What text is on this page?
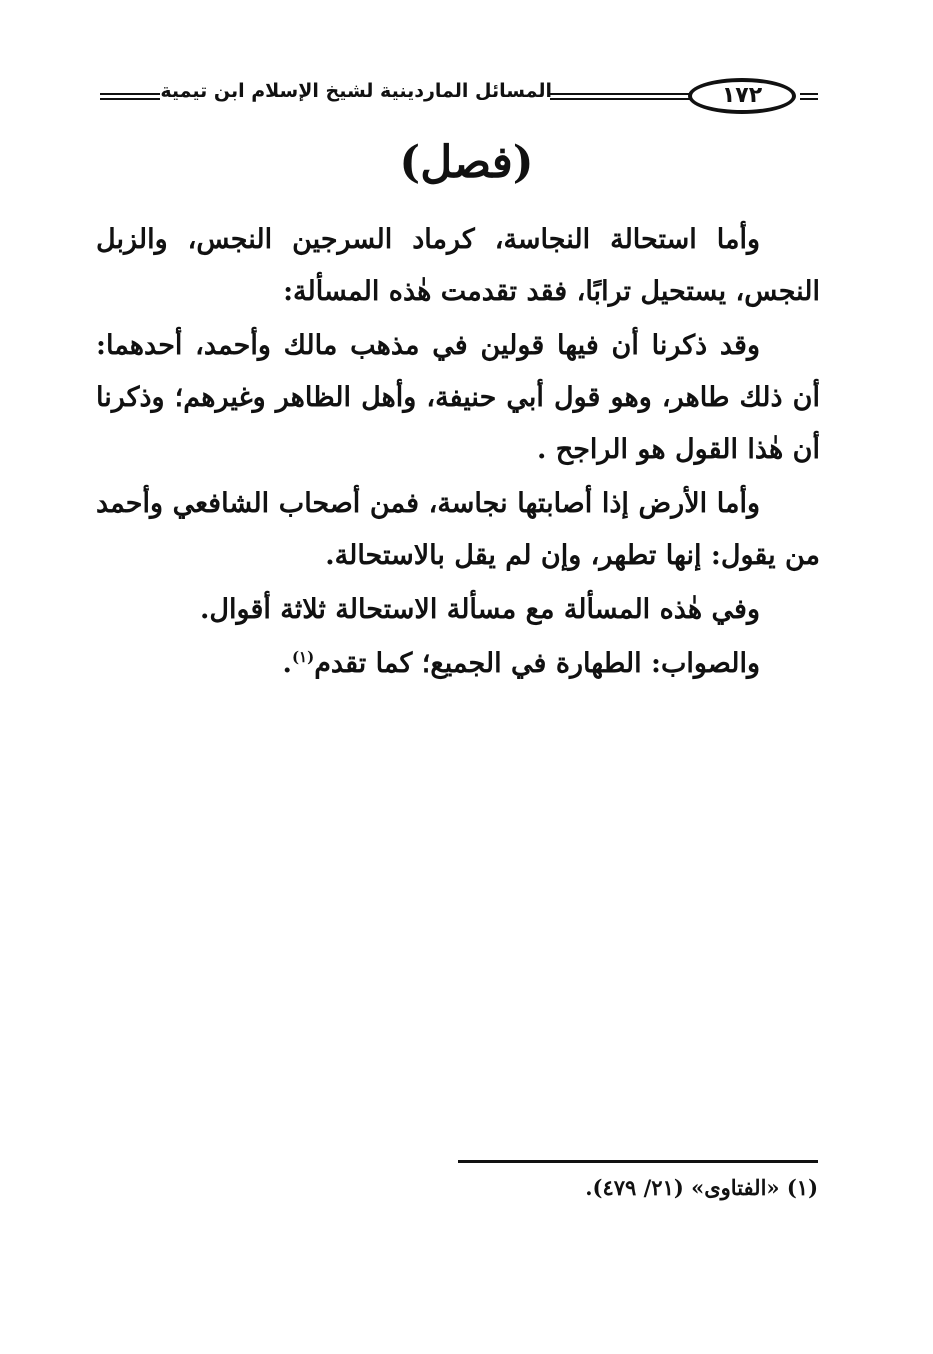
المسائل الماردينية لشيخ الإسلام ابن تيمية	١٧٢
(فصل)

وأما استحالة النجاسة، كرماد السرجين النجس، والزبل النجس، يستحيل ترابًا، فقد تقدمت هٰذه المسألة:

وقد ذكرنا أن فيها قولين في مذهب مالك وأحمد، أحدهما: أن ذلك طاهر، وهو قول أبي حنيفة، وأهل الظاهر وغيرهم؛ وذكرنا أن هٰذا القول هو الراجح .

وأما الأرض إذا أصابتها نجاسة، فمن أصحاب الشافعي وأحمد من يقول: إنها تطهر، وإن لم يقل بالاستحالة.

وفي هٰذه المسألة مع مسألة الاستحالة ثلاثة أقوال.

والصواب: الطهارة في الجميع؛ كما تقدم$^{(١)}$.

(١) «الفتاوى» (٢١/ ٤٧٩).
